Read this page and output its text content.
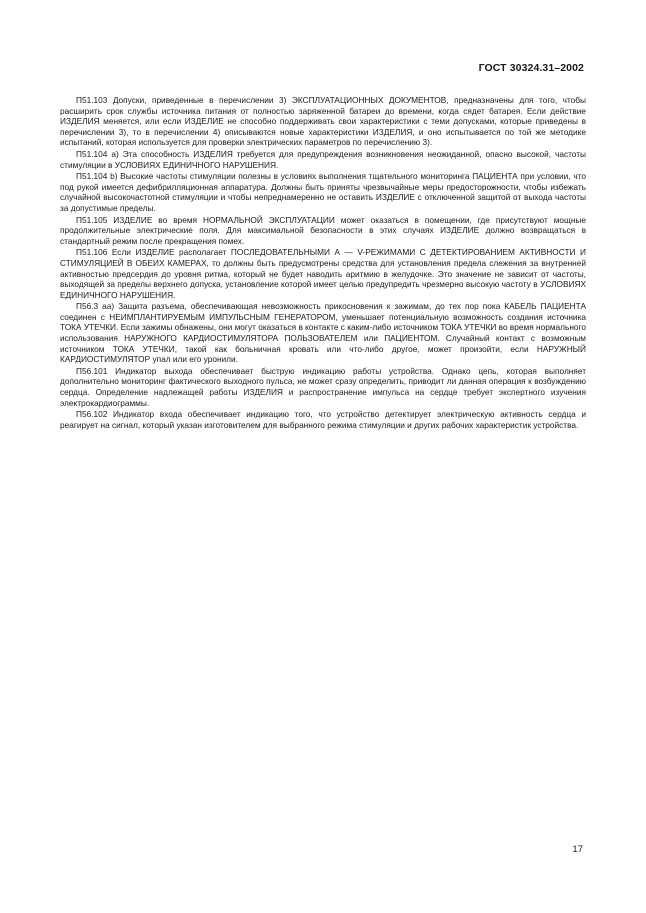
ГОСТ 30324.31–2002

П51.103 Допуски, приведенные в перечислении 3) ЭКСПЛУАТАЦИОННЫХ ДОКУМЕНТОВ, предназначены для того, чтобы расширить срок службы источника питания от полностью заряженной батареи до времени, когда сядет батарея. Если действие ИЗДЕЛИЯ меняется, или если ИЗДЕЛИЕ не способно поддерживать свои характеристики с теми допусками, которые приведены в перечислении 3), то в перечислении 4) описываются новые характеристики ИЗДЕЛИЯ, и оно испытывается по той же методике испытаний, которая используется для проверки электрических параметров по перечислению 3).

П51.104 а) Эта способность ИЗДЕЛИЯ требуется для предупреждения возникновения неожиданной, опасно высокой, частоты стимуляции в УСЛОВИЯХ ЕДИНИЧНОГО НАРУШЕНИЯ.

П51.104 b) Высокие частоты стимуляции полезны в условиях выполнения тщательного мониторинга ПАЦИЕНТА при условии, что под рукой имеется дефибрилляционная аппаратура. Должны быть приняты чрезвычайные меры предосторожности, чтобы избежать случайной высокочастотной стимуляции и чтобы непреднамеренно не оставить ИЗДЕЛИЕ с отключенной защитой от выхода частоты за допустимые пределы.

П51.105 ИЗДЕЛИЕ во время НОРМАЛЬНОЙ ЭКСПЛУАТАЦИИ может оказаться в помещении, где присутствуют мощные продолжительные электрические поля. Для максимальной безопасности в этих случаях ИЗДЕЛИЕ должно возвращаться в стандартный режим после прекращения помех.

П51.106 Если ИЗДЕЛИЕ располагает ПОСЛЕДОВАТЕЛЬНЫМИ А — V-РЕЖИМАМИ С ДЕТЕКТИРОВАНИЕМ АКТИВНОСТИ И СТИМУЛЯЦИЕЙ В ОБЕИХ КАМЕРАХ, то должны быть предусмотрены средства для установления предела слежения за внутренней активностью предсердия до уровня ритма, который не будет наводить аритмию в желудочке. Это значение не зависит от частоты, выходящей за пределы верхнего допуска, установление которой имеет целью предупредить чрезмерно высокую частоту в УСЛОВИЯХ ЕДИНИЧНОГО НАРУШЕНИЯ.

П56.3 аа) Защита разъема, обеспечивающая невозможность прикосновения к зажимам, до тех пор пока КАБЕЛЬ ПАЦИЕНТА соединен с НЕИМПЛАНТИРУЕМЫМ ИМПУЛЬСНЫМ ГЕНЕРАТОРОМ, уменьшает потенциальную возможность создания источника ТОКА УТЕЧКИ. Если зажимы обнажены, они могут оказаться в контакте с каким-либо источником ТОКА УТЕЧКИ во время нормального использования НАРУЖНОГО КАРДИОСТИМУЛЯТОРА ПОЛЬЗОВАТЕЛЕМ или ПАЦИЕНТОМ. Случайный контакт с возможным источником ТОКА УТЕЧКИ, такой как больничная кровать или что-либо другое, может произойти, если НАРУЖНЫЙ КАРДИОСТИМУЛЯТОР упал или его уронили.

П56.101 Индикатор выхода обеспечивает быструю индикацию работы устройства. Однако цепь, которая выполняет дополнительно мониторинг фактического выходного пульса, не может сразу определить, приводит ли данная операция к возбуждению сердца. Определение надлежащей работы ИЗДЕЛИЯ и распространение импульса на сердце требует экспертного изучения электрокардиограммы.

П56.102 Индикатор входа обеспечивает индикацию того, что устройство детектирует электрическую активность сердца и реагирует на сигнал, который указан изготовителем для выбранного режима стимуляции и других рабочих характеристик устройства.

17
